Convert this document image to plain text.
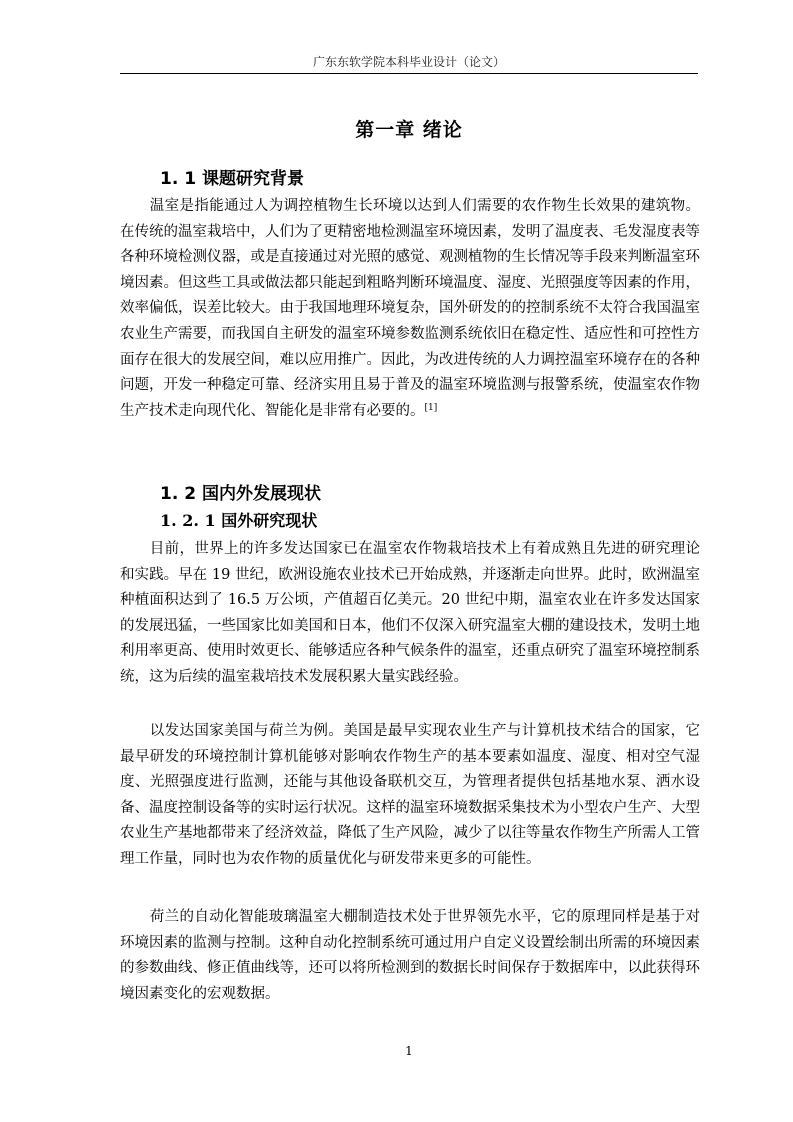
广东东软学院本科毕业设计（论文）
第一章 绪论
1. 1 课题研究背景

温室是指能通过人为调控植物生长环境以达到人们需要的农作物生长效果的建筑物。在传统的温室栽培中，人们为了更精密地检测温室环境因素，发明了温度表、毛发湿度表等各种环境检测仪器，或是直接通过对光照的感觉、观测植物的生长情况等手段来判断温室环境因素。但这些工具或做法都只能起到粗略判断环境温度、湿度、光照强度等因素的作用，效率偏低，误差比较大。由于我国地理环境复杂，国外研发的的控制系统不太符合我国温室农业生产需要，而我国自主研发的温室环境参数监测系统依旧在稳定性、适应性和可控性方面存在很大的发展空间，难以应用推广。因此，为改进传统的人力调控温室环境存在的各种问题，开发一种稳定可靠、经济实用且易于普及的温室环境监测与报警系统，使温室农作物生产技术走向现代化、智能化是非常有必要的。[1]

1. 2 国内外发展现状
1. 2. 1 国外研究现状

目前，世界上的许多发达国家已在温室农作物栽培技术上有着成熟且先进的研究理论和实践。早在 19 世纪，欧洲设施农业技术已开始成熟，并逐渐走向世界。此时，欧洲温室种植面积达到了 16.5 万公顷，产值超百亿美元。20 世纪中期，温室农业在许多发达国家的发展迅猛，一些国家比如美国和日本，他们不仅深入研究温室大棚的建设技术，发明土地利用率更高、使用时效更长、能够适应各种气候条件的温室，还重点研究了温室环境控制系统，这为后续的温室栽培技术发展积累大量实践经验。

以发达国家美国与荷兰为例。美国是最早实现农业生产与计算机技术结合的国家，它最早研发的环境控制计算机能够对影响农作物生产的基本要素如温度、湿度、相对空气湿度、光照强度进行监测，还能与其他设备联机交互，为管理者提供包括基地水泵、洒水设备、温度控制设备等的实时运行状况。这样的温室环境数据采集技术为小型农户生产、大型农业生产基地都带来了经济效益，降低了生产风险，减少了以往等量农作物生产所需人工管理工作量，同时也为农作物的质量优化与研发带来更多的可能性。

荷兰的自动化智能玻璃温室大棚制造技术处于世界领先水平，它的原理同样是基于对环境因素的监测与控制。这种自动化控制系统可通过用户自定义设置绘制出所需的环境因素的参数曲线、修正值曲线等，还可以将所检测到的数据长时间保存于数据库中，以此获得环境因素变化的宏观数据。

1
